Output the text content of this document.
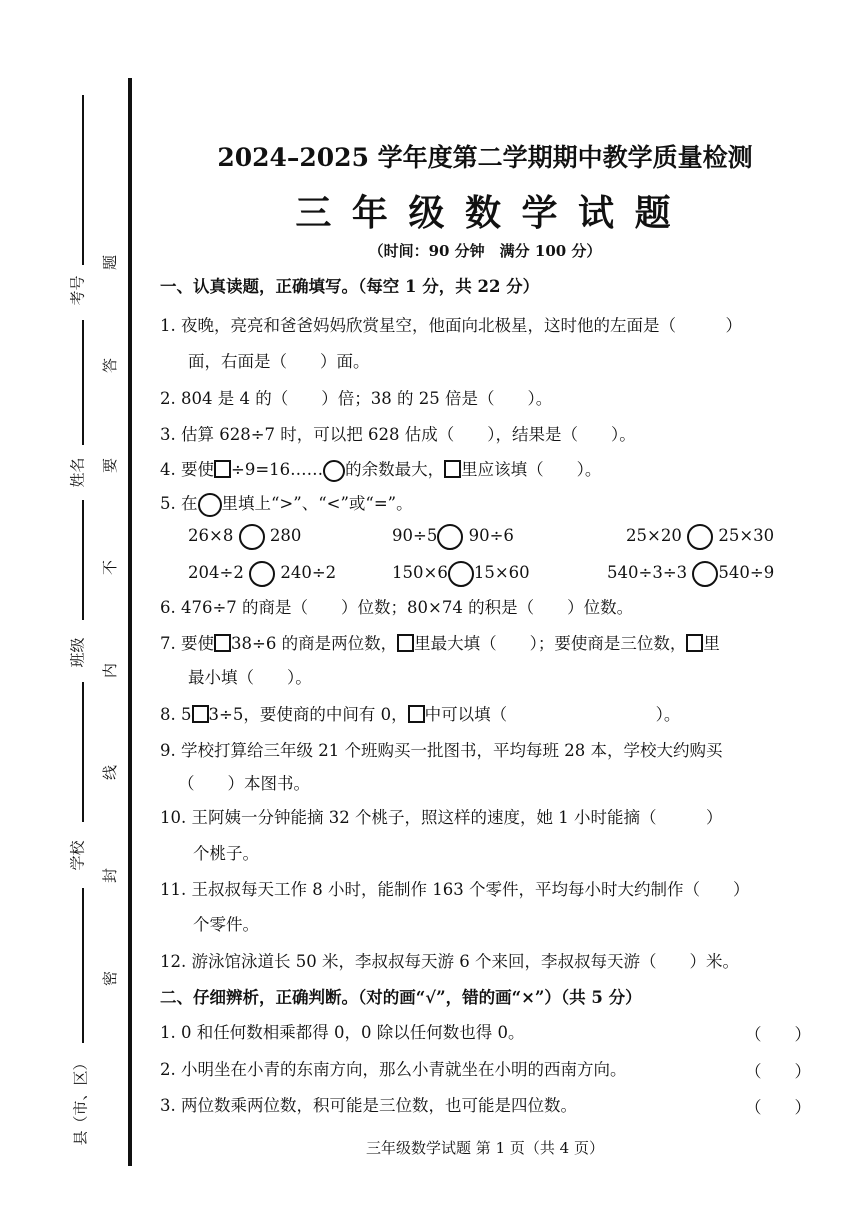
考号
姓名
班级
学校
县（市、区）
题
答
要
不
内
线
封
密
2024–2025 学年度第二学期期中教学质量检测
三 年 级 数 学 试 题
（时间：90 分钟　满分 100 分）
一、认真读题，正确填写。（每空 1 分，共 22 分）
1. 夜晚，亮亮和爸爸妈妈欣赏星空，他面向北极星，这时他的左面是（　　　）
面，右面是（　　）面。
2. 804 是 4 的（　　）倍；38 的 25 倍是（　　）。
3. 估算 628÷7 时，可以把 628 估成（　　），结果是（　　）。
4. 要使 ÷9=16…… 的余数最大， 里应该填（　　）。
5. 在 里填上“>”、“<”或“=”。
26×8 280	90÷5 90÷6	25×20 25×30
204÷2 240÷2	150×6 15×60	540÷3÷3 540÷9
6. 476÷7 的商是（　　）位数；80×74 的积是（　　）位数。
7. 要使 38÷6 的商是两位数， 里最大填（　　）；要使商是三位数， 里
最小填（　　）。
8. 5 3÷5，要使商的中间有 0， 中可以填（　　　　　　　　　）。
9. 学校打算给三年级 21 个班购买一批图书，平均每班 28 本，学校大约购买
（　　）本图书。
10. 王阿姨一分钟能摘 32 个桃子，照这样的速度，她 1 小时能摘（　　　）
个桃子。
11. 王叔叔每天工作 8 小时，能制作 163 个零件，平均每小时大约制作（　　）
个零件。
12. 游泳馆泳道长 50 米，李叔叔每天游 6 个来回，李叔叔每天游（　　）米。
二、仔细辨析，正确判断。（对的画“√”，错的画“×”）（共 5 分）
1. 0 和任何数相乘都得 0，0 除以任何数也得 0。	（　　）
2. 小明坐在小青的东南方向，那么小青就坐在小明的西南方向。	（　　）
3. 两位数乘两位数，积可能是三位数，也可能是四位数。	（　　）
三年级数学试题 第 1 页（共 4 页）
